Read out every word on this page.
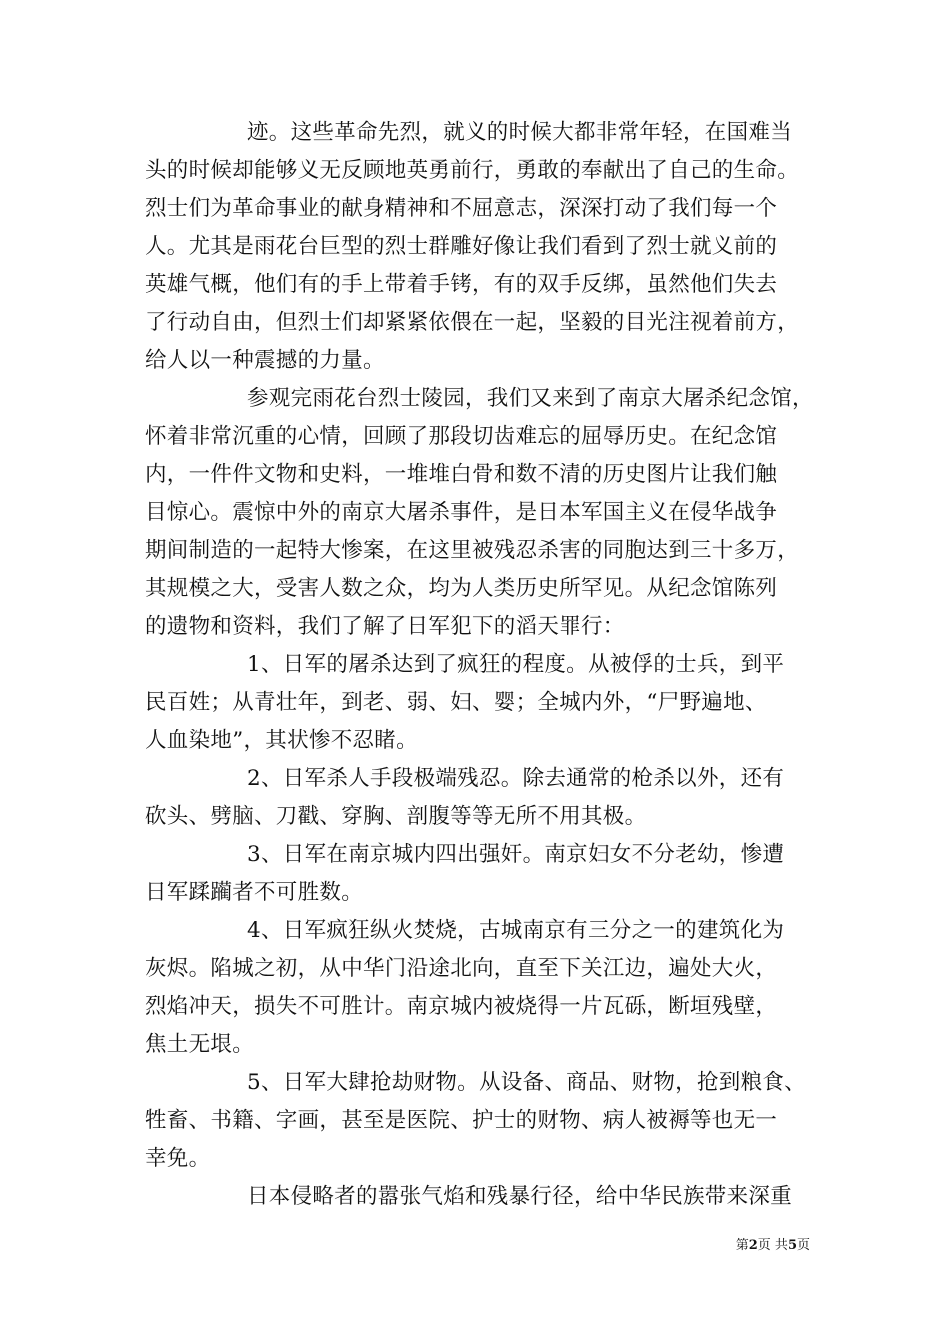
迹。这些革命先烈，就义的时候大都非常年轻，在国难当
头的时候却能够义无反顾地英勇前行，勇敢的奉献出了自己的生命。
烈士们为革命事业的献身精神和不屈意志，深深打动了我们每一个
人。尤其是雨花台巨型的烈士群雕好像让我们看到了烈士就义前的
英雄气概，他们有的手上带着手铐，有的双手反绑，虽然他们失去
了行动自由，但烈士们却紧紧依偎在一起，坚毅的目光注视着前方，
给人以一种震撼的力量。
参观完雨花台烈士陵园，我们又来到了南京大屠杀纪念馆，
怀着非常沉重的心情，回顾了那段切齿难忘的屈辱历史。在纪念馆
内，一件件文物和史料，一堆堆白骨和数不清的历史图片让我们触
目惊心。震惊中外的南京大屠杀事件，是日本军国主义在侵华战争
期间制造的一起特大惨案，在这里被残忍杀害的同胞达到三十多万，
其规模之大，受害人数之众，均为人类历史所罕见。从纪念馆陈列
的遗物和资料，我们了解了日军犯下的滔天罪行：
1、日军的屠杀达到了疯狂的程度。从被俘的士兵，到平
民百姓；从青壮年，到老、弱、妇、婴；全城内外，“尸野遍地、
人血染地”，其状惨不忍睹。
2、日军杀人手段极端残忍。除去通常的枪杀以外，还有
砍头、劈脑、刀戳、穿胸、剖腹等等无所不用其极。
3、日军在南京城内四出强奸。南京妇女不分老幼，惨遭
日军蹂躏者不可胜数。
4、日军疯狂纵火焚烧，古城南京有三分之一的建筑化为
灰烬。陷城之初，从中华门沿途北向，直至下关江边，遍处大火，
烈焰冲天，损失不可胜计。南京城内被烧得一片瓦砾，断垣残壁，
焦土无垠。
5、日军大肆抢劫财物。从设备、商品、财物，抢到粮食、
牲畜、书籍、字画，甚至是医院、护士的财物、病人被褥等也无一
幸免。
日本侵略者的嚣张气焰和残暴行径，给中华民族带来深重
第2页 共5页
